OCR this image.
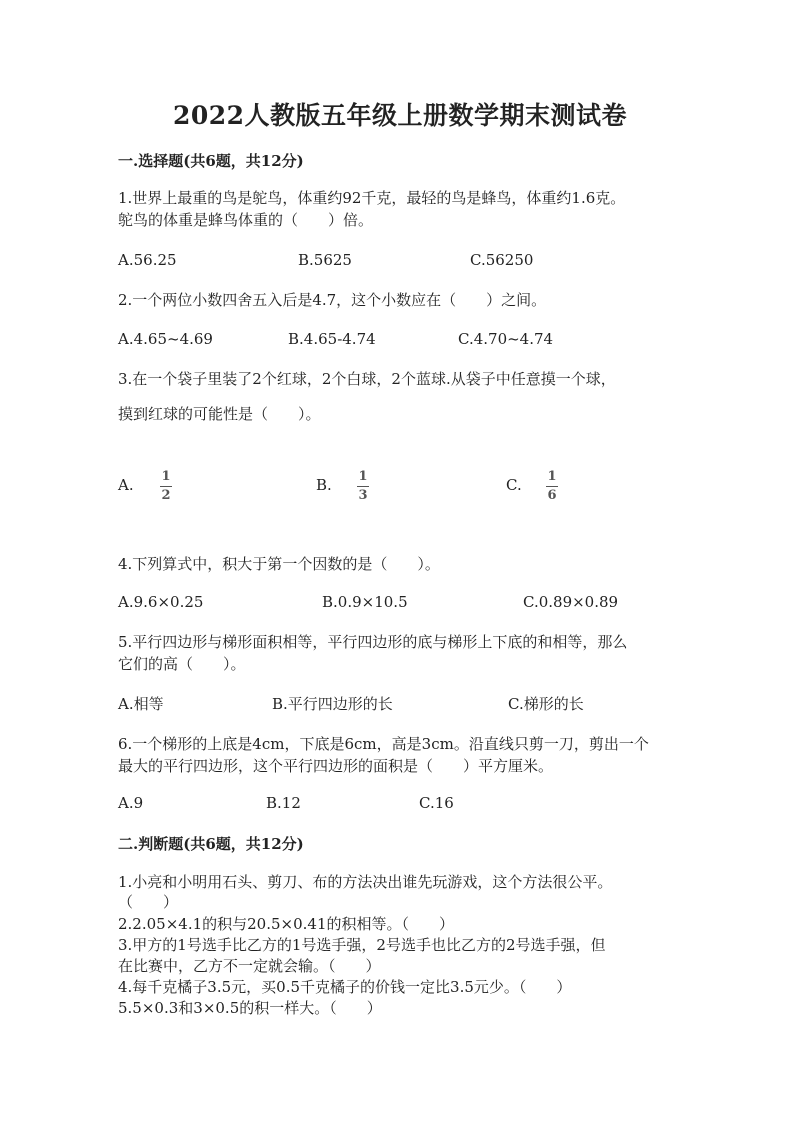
2022人教版五年级上册数学期末测试卷
一.选择题(共6题，共12分)
1.世界上最重的鸟是鸵鸟，体重约92千克，最轻的鸟是蜂鸟，体重约1.6克。
鸵鸟的体重是蜂鸟体重的（　　）倍。
A.56.25	B.5625	C.56250
2.一个两位小数四舍五入后是4.7，这个小数应在（　　）之间。
A.4.65~4.69	B.4.65-4.74	C.4.70~4.74
3.在一个袋子里装了2个红球，2个白球，2个蓝球.从袋子中任意摸一个球，
摸到红球的可能性是（　　）。
A. 1
2
B. 1
3
C. 1
6
4.下列算式中，积大于第一个因数的是（　　）。
A.9.6×0.25	B.0.9×10.5	C.0.89×0.89
5.平行四边形与梯形面积相等，平行四边形的底与梯形上下底的和相等，那么
它们的高（　　）。
A.相等	B.平行四边形的长	C.梯形的长
6.一个梯形的上底是4cm，下底是6cm，高是3cm。沿直线只剪一刀，剪出一个
最大的平行四边形，这个平行四边形的面积是（　　）平方厘米。
A.9	B.12	C.16
二.判断题(共6题，共12分)
1.小亮和小明用石头、剪刀、布的方法决出谁先玩游戏，这个方法很公平。
（　　）
2.2.05×4.1的积与20.5×0.41的积相等。（　　）
3.甲方的1号选手比乙方的1号选手强，2号选手也比乙方的2号选手强，但
在比赛中，乙方不一定就会输。（　　）
4.每千克橘子3.5元，买0.5千克橘子的价钱一定比3.5元少。（　　）
5.5×0.3和3×0.5的积一样大。（　　）
